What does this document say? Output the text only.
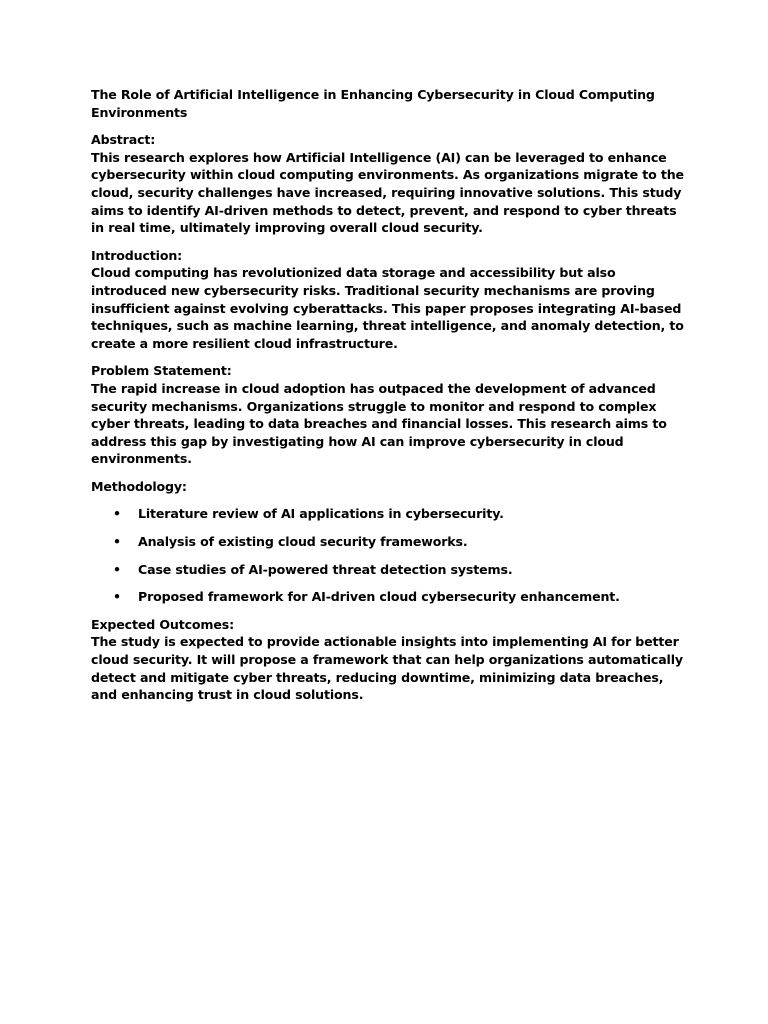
The Role of Artificial Intelligence in Enhancing Cybersecurity in Cloud Computing Environments

Abstract:

This research explores how Artificial Intelligence (AI) can be leveraged to enhance cybersecurity within cloud computing environments. As organizations migrate to the cloud, security challenges have increased, requiring innovative solutions. This study aims to identify AI-driven methods to detect, prevent, and respond to cyber threats in real time, ultimately improving overall cloud security.

Introduction:

Cloud computing has revolutionized data storage and accessibility but also introduced new cybersecurity risks. Traditional security mechanisms are proving insufficient against evolving cyberattacks. This paper proposes integrating AI-based techniques, such as machine learning, threat intelligence, and anomaly detection, to create a more resilient cloud infrastructure.

Problem Statement:

The rapid increase in cloud adoption has outpaced the development of advanced security mechanisms. Organizations struggle to monitor and respond to complex cyber threats, leading to data breaches and financial losses. This research aims to address this gap by investigating how AI can improve cybersecurity in cloud environments.

Methodology:

• Literature review of AI applications in cybersecurity.
• Analysis of existing cloud security frameworks.
• Case studies of AI-powered threat detection systems.
• Proposed framework for AI-driven cloud cybersecurity enhancement.

Expected Outcomes:

The study is expected to provide actionable insights into implementing AI for better cloud security. It will propose a framework that can help organizations automatically detect and mitigate cyber threats, reducing downtime, minimizing data breaches, and enhancing trust in cloud solutions.
